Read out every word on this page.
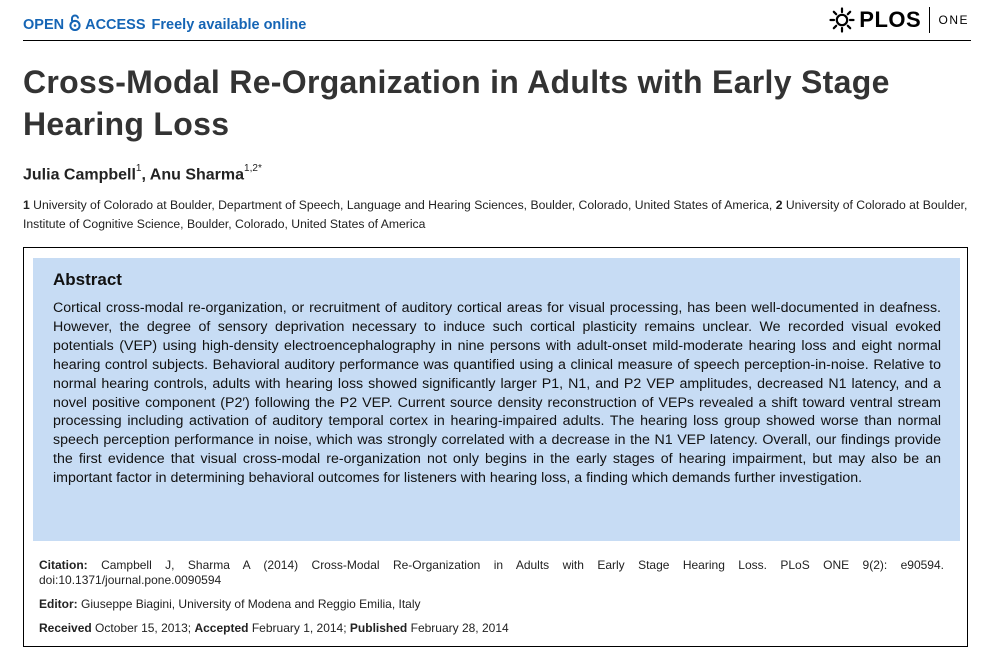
OPEN ACCESS Freely available online	PLOS ONE
Cross-Modal Re-Organization in Adults with Early Stage Hearing Loss
Julia Campbell$^1$, Anu Sharma$^{1,2*}$
1 University of Colorado at Boulder, Department of Speech, Language and Hearing Sciences, Boulder, Colorado, United States of America, 2 University of Colorado at Boulder, Institute of Cognitive Science, Boulder, Colorado, United States of America
Abstract

Cortical cross-modal re-organization, or recruitment of auditory cortical areas for visual processing, has been well-documented in deafness. However, the degree of sensory deprivation necessary to induce such cortical plasticity remains unclear. We recorded visual evoked potentials (VEP) using high-density electroencephalography in nine persons with adult-onset mild-moderate hearing loss and eight normal hearing control subjects. Behavioral auditory performance was quantified using a clinical measure of speech perception-in-noise. Relative to normal hearing controls, adults with hearing loss showed significantly larger P1, N1, and P2 VEP amplitudes, decreased N1 latency, and a novel positive component (P2′) following the P2 VEP. Current source density reconstruction of VEPs revealed a shift toward ventral stream processing including activation of auditory temporal cortex in hearing-impaired adults. The hearing loss group showed worse than normal speech perception performance in noise, which was strongly correlated with a decrease in the N1 VEP latency. Overall, our findings provide the first evidence that visual cross-modal re-organization not only begins in the early stages of hearing impairment, but may also be an important factor in determining behavioral outcomes for listeners with hearing loss, a finding which demands further investigation.

Citation: Campbell J, Sharma A (2014) Cross-Modal Re-Organization in Adults with Early Stage Hearing Loss. PLoS ONE 9(2): e90594. doi:10.1371/journal.pone.0090594
Editor: Giuseppe Biagini, University of Modena and Reggio Emilia, Italy
Received October 15, 2013; Accepted February 1, 2014; Published February 28, 2014
